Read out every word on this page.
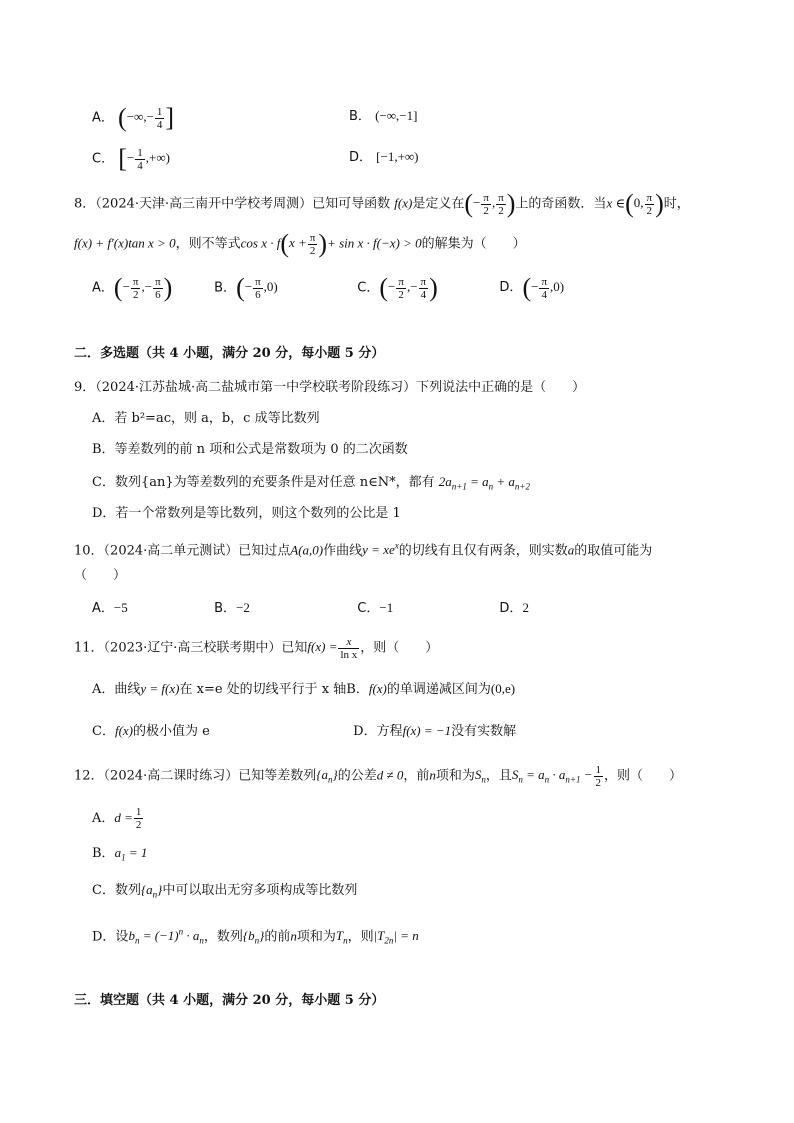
A． (−∞,− $\frac{1}{4}$ ]	B． (−∞,−1]
C． [− $\frac{1}{4}$ ,+∞)	D． [−1,+∞)
8．（2024·天津·高三南开中学校考周测）已知可导函数 f(x)是定义在(− $\frac{\pi}{2}$ , $\frac{\pi}{2}$ )上的奇函数．当x ∈(0, $\frac{\pi}{2}$ )时，
f(x) + f′(x)tan x > 0，则不等式$\cos x \cdot f(x + \frac{\pi}{2}$ )+ sin x · f(−x) > 0的解集为（　　）
A．(− $\frac{\pi}{2}$ ,− $\frac{\pi}{6}$ )	B．(− $\frac{\pi}{6} ,0$)	C．(− $\frac{\pi}{2}$ ,− $\frac{\pi}{4}$ )	D．(− $\frac{\pi}{4} ,0$)
二．多选题（共 4 小题，满分 20 分，每小题 5 分）
9．（2024·江苏盐城·高二盐城市第一中学校联考阶段练习）下列说法中正确的是（　　）
A．若 b²=ac，则 a，b，c 成等比数列
B．等差数列的前 n 项和公式是常数项为 0 的二次函数
C．数列{an}为等差数列的充要条件是对任意 n∈N*，都有 $2a_{n+1} = a_n + a_{n+2}$
D．若一个常数列是等比数列，则这个数列的公比是 1
10．（2024·高二单元测试）已知过点A(a,0)作曲线$y = xe^x$的切线有且仅有两条，则实数a的取值可能为
（　　）
A．−5	B．−2	C．−1	D．2
11．（2023·辽宁·高三校联考期中）已知$f(x) = \frac{x}{\text{ln x}}$ ，则（　　）
A．曲线y = f(x)在 x=e 处的切线平行于 x 轴B．f(x)的单调递减区间为(0,e)
C．f(x)的极小值为 e	D．方程f(x) = −1没有实数解
12．（2024·高二课时练习）已知等差数列$\{a_n\}$的公差d ≠ 0，前n项和为$S_n$，且$S_n = a_n \cdot a_{n+1} - \frac{1}{2}$ ，则（　　）
A．$d = \frac{1}{2}$
B．$a_1 = 1$
C．数列$\{a_n\}$中可以取出无穷多项构成等比数列
D．设$b_n = (-1)^n \cdot a_n$，数列$\{b_n\}$的前n项和为$T_n$，则$|T_{2n}| = n$
三．填空题（共 4 小题，满分 20 分，每小题 5 分）
